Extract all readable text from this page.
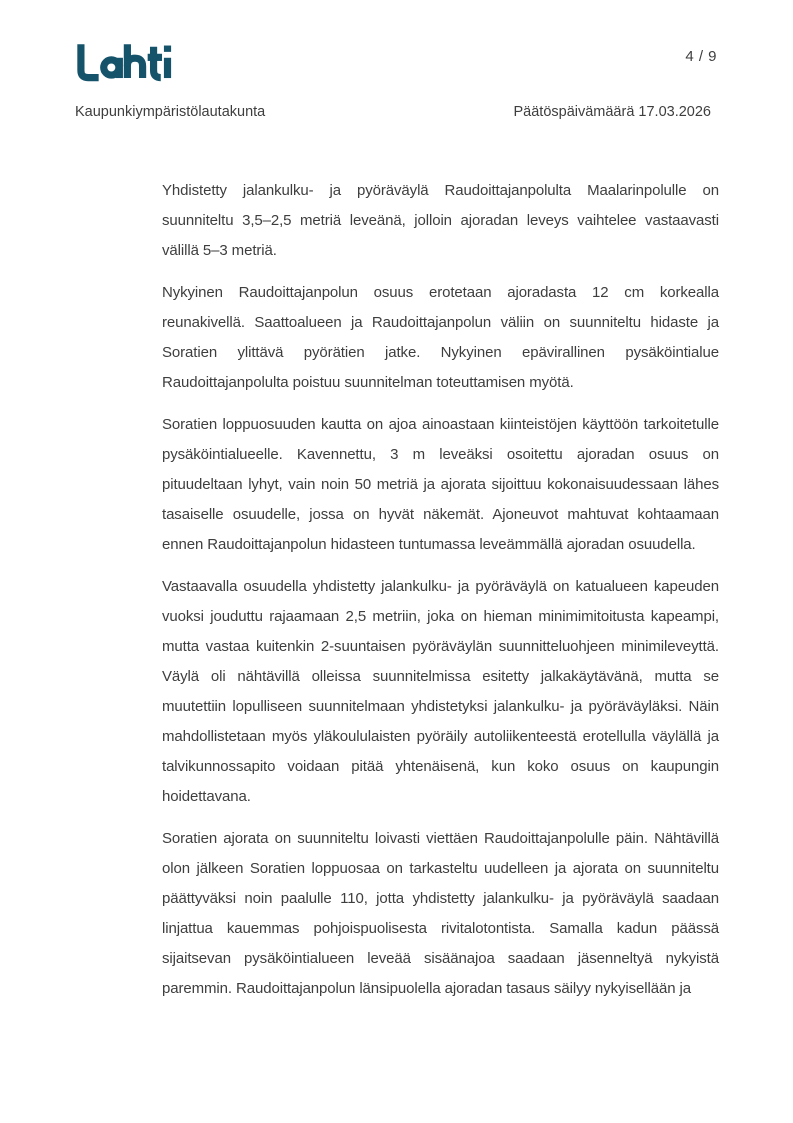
4 / 9
Kaupunkiympäristölautakunta	Päätöspäivämäärä 17.03.2026

Yhdistetty jalankulku- ja pyöräväylä Raudoittajanpolulta Maalarinpolulle on suunniteltu 3,5–2,5 metriä leveänä, jolloin ajoradan leveys vaihtelee vastaavasti välillä 5–3 metriä.

Nykyinen Raudoittajanpolun osuus erotetaan ajoradasta 12 cm korkealla reunakivellä. Saattoalueen ja Raudoittajanpolun väliin on suunniteltu hidaste ja Soratien ylittävä pyörätien jatke. Nykyinen epävirallinen pysäköintialue Raudoittajanpolulta poistuu suunnitelman toteuttamisen myötä.

Soratien loppuosuuden kautta on ajoa ainoastaan kiinteistöjen käyttöön tarkoitetulle pysäköintialueelle. Kavennettu, 3 m leveäksi osoitettu ajoradan osuus on pituudeltaan lyhyt, vain noin 50 metriä ja ajorata sijoittuu kokonaisuudessaan lähes tasaiselle osuudelle, jossa on hyvät näkemät. Ajoneuvot mahtuvat kohtaamaan ennen Raudoittajanpolun hidasteen tuntumassa leveämmällä ajoradan osuudella.

Vastaavalla osuudella yhdistetty jalankulku- ja pyöräväylä on katualueen kapeuden vuoksi jouduttu rajaamaan 2,5 metriin, joka on hieman minimimitoitusta kapeampi, mutta vastaa kuitenkin 2-suuntaisen pyöräväylän suunnitteluohjeen minimileveyttä. Väylä oli nähtävillä olleissa suunnitelmissa esitetty jalkakäytävänä, mutta se muutettiin lopulliseen suunnitelmaan yhdistetyksi jalankulku- ja pyöräväyläksi. Näin mahdollistetaan myös yläkoululaisten pyöräily autoliikenteestä erotellulla väylällä ja talvikunnossapito voidaan pitää yhtenäisenä, kun koko osuus on kaupungin hoidettavana.

Soratien ajorata on suunniteltu loivasti viettäen Raudoittajanpolulle päin. Nähtävillä olon jälkeen Soratien loppuosaa on tarkasteltu uudelleen ja ajorata on suunniteltu päättyväksi noin paalulle 110, jotta yhdistetty jalankulku- ja pyöräväylä saadaan linjattua kauemmas pohjoispuolisesta rivitalotontista. Samalla kadun päässä sijaitsevan pysäköintialueen leveää sisäänajoa saadaan jäsenneltyä nykyistä paremmin. Raudoittajanpolun länsipuolella ajoradan tasaus säilyy nykyisellään ja
